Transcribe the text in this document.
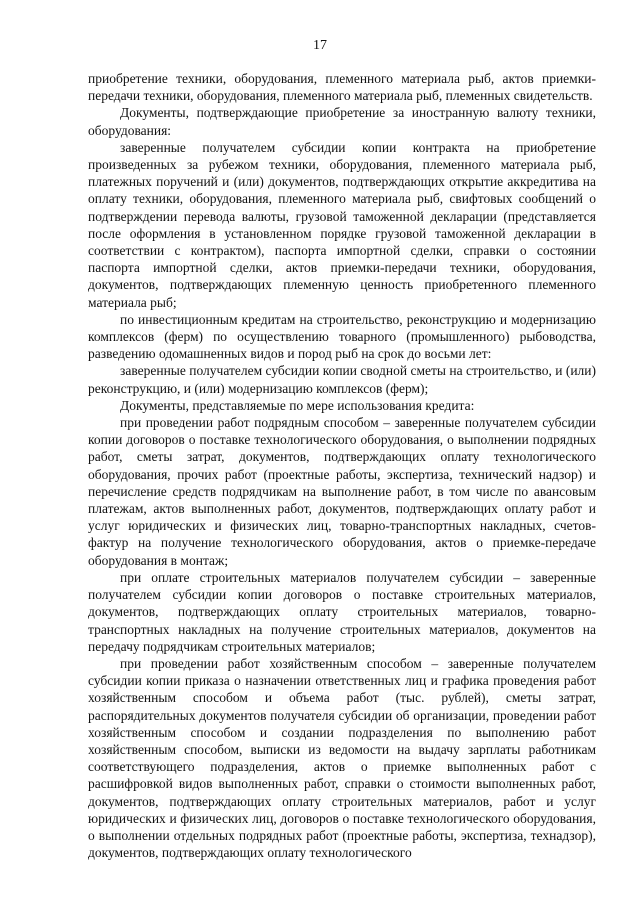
17

приобретение техники, оборудования, племенного материала рыб, актов приемки-передачи техники, оборудования, племенного материала рыб, племенных свидетельств.

Документы, подтверждающие приобретение за иностранную валюту техники, оборудования:

заверенные получателем субсидии копии контракта на приобретение произведенных за рубежом техники, оборудования, племенного материала рыб, платежных поручений и (или) документов, подтверждающих открытие аккредитива на оплату техники, оборудования, племенного материала рыб, свифтовых сообщений о подтверждении перевода валюты, грузовой таможенной декларации (представляется после оформления в установленном порядке грузовой таможенной декларации в соответствии с контрактом), паспорта импортной сделки, справки о состоянии паспорта импортной сделки, актов приемки-передачи техники, оборудования, документов, подтверждающих племенную ценность приобретенного племенного материала рыб;

по инвестиционным кредитам на строительство, реконструкцию и модернизацию комплексов (ферм) по осуществлению товарного (промышленного) рыбоводства, разведению одомашненных видов и пород рыб на срок до восьми лет:

заверенные получателем субсидии копии сводной сметы на строительство, и (или) реконструкцию, и (или) модернизацию комплексов (ферм);

Документы, представляемые по мере использования кредита:

при проведении работ подрядным способом – заверенные получателем субсидии копии договоров о поставке технологического оборудования, о выполнении подрядных работ, сметы затрат, документов, подтверждающих оплату технологического оборудования, прочих работ (проектные работы, экспертиза, технический надзор) и перечисление средств подрядчикам на выполнение работ, в том числе по авансовым платежам, актов выполненных работ, документов, подтверждающих оплату работ и услуг юридических и физических лиц, товарно-транспортных накладных, счетов-фактур на получение технологического оборудования, актов о приемке-передаче оборудования в монтаж;

при оплате строительных материалов получателем субсидии – заверенные получателем субсидии копии договоров о поставке строительных материалов, документов, подтверждающих оплату строительных материалов, товарно-транспортных накладных на получение строительных материалов, документов на передачу подрядчикам строительных материалов;

при проведении работ хозяйственным способом – заверенные получателем субсидии копии приказа о назначении ответственных лиц и графика проведения работ хозяйственным способом и объема работ (тыс. рублей), сметы затрат, распорядительных документов получателя субсидии об организации, проведении работ хозяйственным способом и создании подразделения по выполнению работ хозяйственным способом, выписки из ведомости на выдачу зарплаты работникам соответствующего подразделения, актов о приемке выполненных работ с расшифровкой видов выполненных работ, справки о стоимости выполненных работ, документов, подтверждающих оплату строительных материалов, работ и услуг юридических и физических лиц, договоров о поставке технологического оборудования, о выполнении отдельных подрядных работ (проектные работы, экспертиза, технадзор), документов, подтверждающих оплату технологического
